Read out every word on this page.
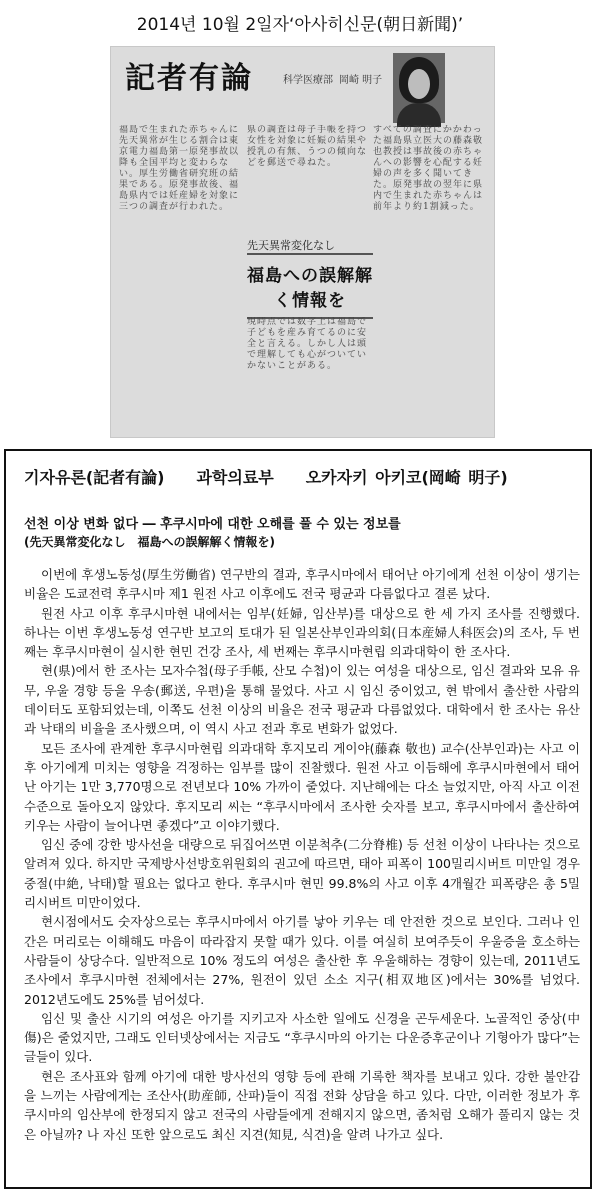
2014년 10월 2일자‘아사히신문(朝日新聞)’
記者有論	科学医療部 岡崎 明子
福島で生まれた赤ちゃんに先天異常が生じる割合は東京電力福島第一原発事故以降も全国平均と変わらない。厚生労働省研究班の結果である。原発事故後、福島県内では妊産婦を対象に三つの調査が行われた。
県の調査は母子手帳を持つ女性を対象に妊娠の結果や授乳の有無、うつの傾向などを郵送で尋ねた。
先天異常変化なし
福島への誤解解く情報を
現時点では数字上は福島で子どもを産み育てるのに安全と言える。しかし人は頭で理解しても心がついていかないことがある。
すべての調査にかかわった福島県立医大の藤森敬也教授は事故後の赤ちゃんへの影響を心配する妊婦の声を多く聞いてきた。原発事故の翌年に県内で生まれた赤ちゃんは前年より約1割減った。
기자유론(記者有論)　　과학의료부　　오카자키 아키코(岡崎 明子)
선천 이상 변화 없다 ― 후쿠시마에 대한 오해를 풀 수 있는 정보를
(先天異常変化なし　福島への誤解解く情報を)

이번에 후생노동성(厚生労働省) 연구반의 결과, 후쿠시마에서 태어난 아기에게 선천 이상이 생기는 비율은 도쿄전력 후쿠시마 제1 원전 사고 이후에도 전국 평균과 다름없다고 결론 났다.

원전 사고 이후 후쿠시마현 내에서는 임부(妊婦, 임산부)를 대상으로 한 세 가지 조사를 진행했다. 하나는 이번 후생노동성 연구반 보고의 토대가 된 일본산부인과의회(日本産婦人科医会)의 조사, 두 번째는 후쿠시마현이 실시한 현민 건강 조사, 세 번째는 후쿠시마현립 의과대학이 한 조사다.

현(県)에서 한 조사는 모자수첩(母子手帳, 산모 수첩)이 있는 여성을 대상으로, 임신 결과와 모유 유무, 우울 경향 등을 우송(郵送, 우편)을 통해 물었다. 사고 시 임신 중이었고, 현 밖에서 출산한 사람의 데이터도 포함되었는데, 이쪽도 선천 이상의 비율은 전국 평균과 다름없었다. 대학에서 한 조사는 유산과 낙태의 비율을 조사했으며, 이 역시 사고 전과 후로 변화가 없었다.

모든 조사에 관계한 후쿠시마현립 의과대학 후지모리 게이야(藤森 敬也) 교수(산부인과)는 사고 이후 아기에게 미치는 영향을 걱정하는 임부를 많이 진찰했다. 원전 사고 이듬해에 후쿠시마현에서 태어난 아기는 1만 3,770명으로 전년보다 10% 가까이 줄었다. 지난해에는 다소 늘었지만, 아직 사고 이전 수준으로 돌아오지 않았다. 후지모리 씨는 “후쿠시마에서 조사한 숫자를 보고, 후쿠시마에서 출산하여 키우는 사람이 늘어나면 좋겠다”고 이야기했다.

임신 중에 강한 방사선을 대량으로 뒤집어쓰면 이분척추(二分脊椎) 등 선천 이상이 나타나는 것으로 알려져 있다. 하지만 국제방사선방호위원회의 권고에 따르면, 태아 피폭이 100밀리시버트 미만일 경우 중절(中絶, 낙태)할 필요는 없다고 한다. 후쿠시마 현민 99.8%의 사고 이후 4개월간 피폭량은 총 5밀리시버트 미만이었다.

현시점에서도 숫자상으로는 후쿠시마에서 아기를 낳아 키우는 데 안전한 것으로 보인다. 그러나 인간은 머리로는 이해해도 마음이 따라잡지 못할 때가 있다. 이를 여실히 보여주듯이 우울증을 호소하는 사람들이 상당수다. 일반적으로 10% 정도의 여성은 출산한 후 우울해하는 경향이 있는데, 2011년도 조사에서 후쿠시마현 전체에서는 27%, 원전이 있던 소소 지구(相双地区)에서는 30%를 넘었다. 2012년도에도 25%를 넘어섰다.

임신 및 출산 시기의 여성은 아기를 지키고자 사소한 일에도 신경을 곤두세운다. 노골적인 중상(中傷)은 줄었지만, 그래도 인터넷상에서는 지금도 “후쿠시마의 아기는 다운증후군이나 기형아가 많다”는 글들이 있다.

현은 조사표와 함께 아기에 대한 방사선의 영향 등에 관해 기록한 책자를 보내고 있다. 강한 불안감을 느끼는 사람에게는 조산사(助産師, 산파)들이 직접 전화 상담을 하고 있다. 다만, 이러한 정보가 후쿠시마의 임산부에 한정되지 않고 전국의 사람들에게 전해지지 않으면, 좀처럼 오해가 풀리지 않는 것은 아닐까? 나 자신 또한 앞으로도 최신 지견(知見, 식견)을 알려 나가고 싶다.
